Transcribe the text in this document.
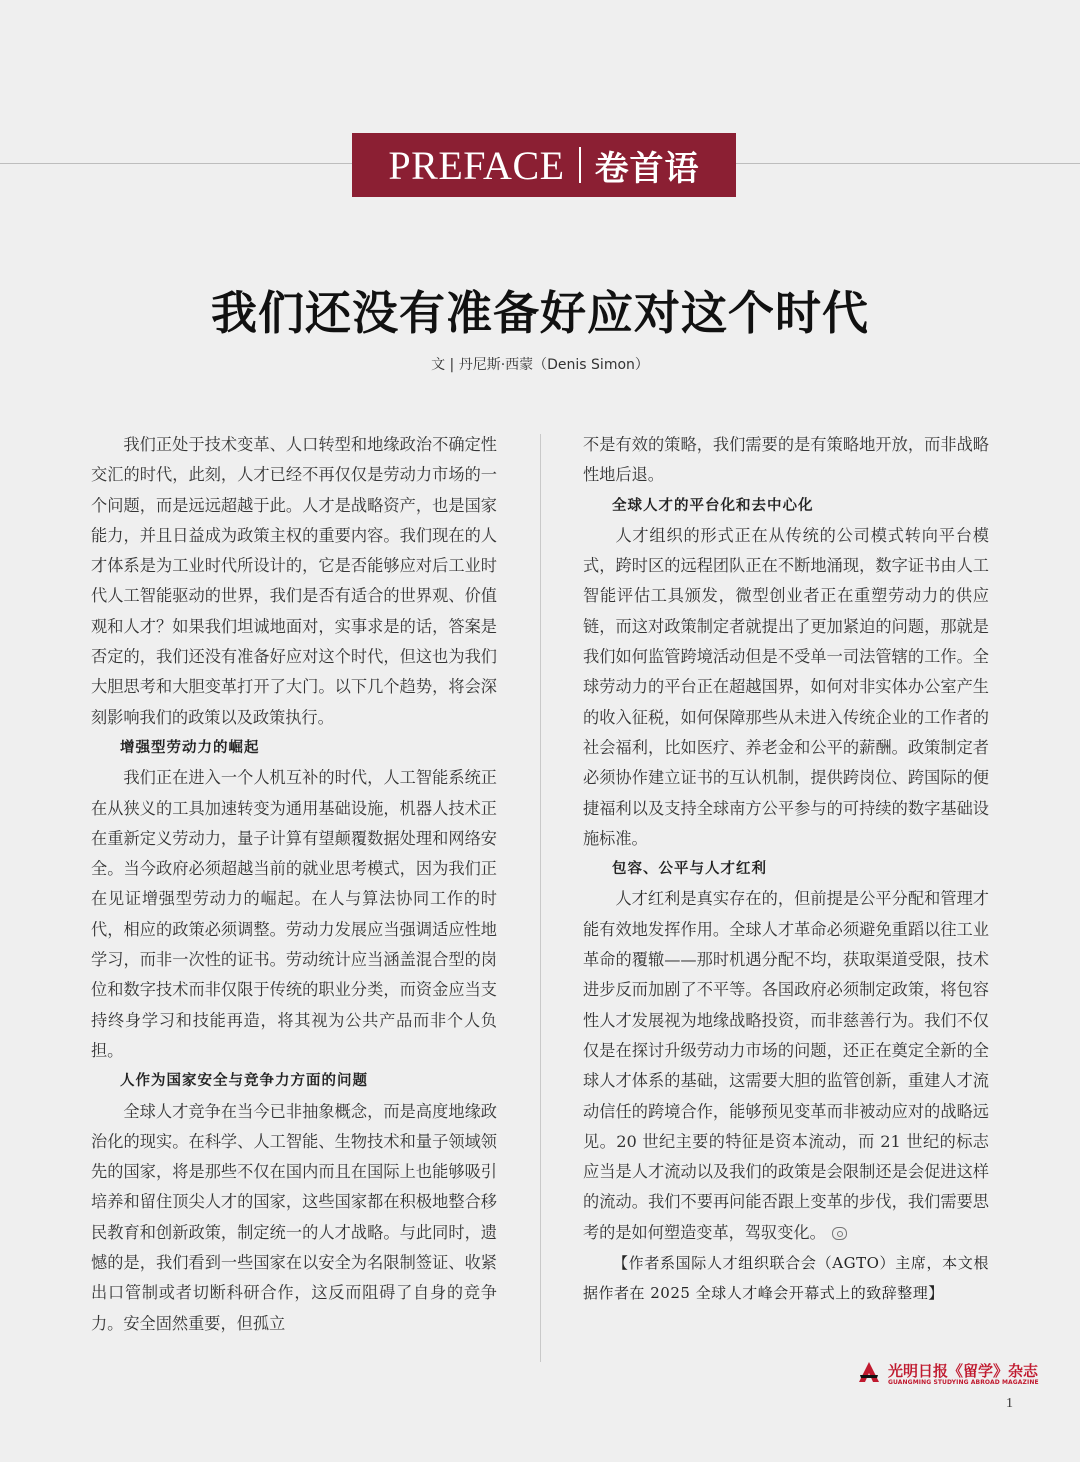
PREFACE 卷首语
我们还没有准备好应对这个时代
文 | 丹尼斯·西蒙（Denis Simon）

我们正处于技术变革、人口转型和地缘政治不确定性交汇的时代，此刻，人才已经不再仅仅是劳动力市场的一个问题，而是远远超越于此。人才是战略资产，也是国家能力，并且日益成为政策主权的重要内容。我们现在的人才体系是为工业时代所设计的，它是否能够应对后工业时代人工智能驱动的世界，我们是否有适合的世界观、价值观和人才？如果我们坦诚地面对，实事求是的话，答案是否定的，我们还没有准备好应对这个时代，但这也为我们大胆思考和大胆变革打开了大门。以下几个趋势，将会深刻影响我们的政策以及政策执行。

增强型劳动力的崛起

我们正在进入一个人机互补的时代，人工智能系统正在从狭义的工具加速转变为通用基础设施，机器人技术正在重新定义劳动力，量子计算有望颠覆数据处理和网络安全。当今政府必须超越当前的就业思考模式，因为我们正在见证增强型劳动力的崛起。在人与算法协同工作的时代，相应的政策必须调整。劳动力发展应当强调适应性地学习，而非一次性的证书。劳动统计应当涵盖混合型的岗位和数字技术而非仅限于传统的职业分类，而资金应当支持终身学习和技能再造，将其视为公共产品而非个人负担。

人作为国家安全与竞争力方面的问题

全球人才竞争在当今已非抽象概念，而是高度地缘政治化的现实。在科学、人工智能、生物技术和量子领域领先的国家，将是那些不仅在国内而且在国际上也能够吸引培养和留住顶尖人才的国家，这些国家都在积极地整合移民教育和创新政策，制定统一的人才战略。与此同时，遗憾的是，我们看到一些国家在以安全为名限制签证、收紧出口管制或者切断科研合作，这反而阻碍了自身的竞争力。安全固然重要，但孤立

不是有效的策略，我们需要的是有策略地开放，而非战略性地后退。

全球人才的平台化和去中心化

人才组织的形式正在从传统的公司模式转向平台模式，跨时区的远程团队正在不断地涌现，数字证书由人工智能评估工具颁发，微型创业者正在重塑劳动力的供应链，而这对政策制定者就提出了更加紧迫的问题，那就是我们如何监管跨境活动但是不受单一司法管辖的工作。全球劳动力的平台正在超越国界，如何对非实体办公室产生的收入征税，如何保障那些从未进入传统企业的工作者的社会福利，比如医疗、养老金和公平的薪酬。政策制定者必须协作建立证书的互认机制，提供跨岗位、跨国际的便捷福利以及支持全球南方公平参与的可持续的数字基础设施标准。

包容、公平与人才红利

人才红利是真实存在的，但前提是公平分配和管理才能有效地发挥作用。全球人才革命必须避免重蹈以往工业革命的覆辙——那时机遇分配不均，获取渠道受限，技术进步反而加剧了不平等。各国政府必须制定政策，将包容性人才发展视为地缘战略投资，而非慈善行为。我们不仅仅是在探讨升级劳动力市场的问题，还正在奠定全新的全球人才体系的基础，这需要大胆的监管创新，重建人才流动信任的跨境合作，能够预见变革而非被动应对的战略远见。20 世纪主要的特征是资本流动，而 21 世纪的标志应当是人才流动以及我们的政策是会限制还是会促进这样的流动。我们不要再问能否跟上变革的步伐，我们需要思考的是如何塑造变革，驾驭变化。

【作者系国际人才组织联合会（AGTO）主席，本文根据作者在 2025 全球人才峰会开幕式上的致辞整理】

光明日报《留学》杂志
GUANGMING STUDYING ABROAD MAGAZINE
1
